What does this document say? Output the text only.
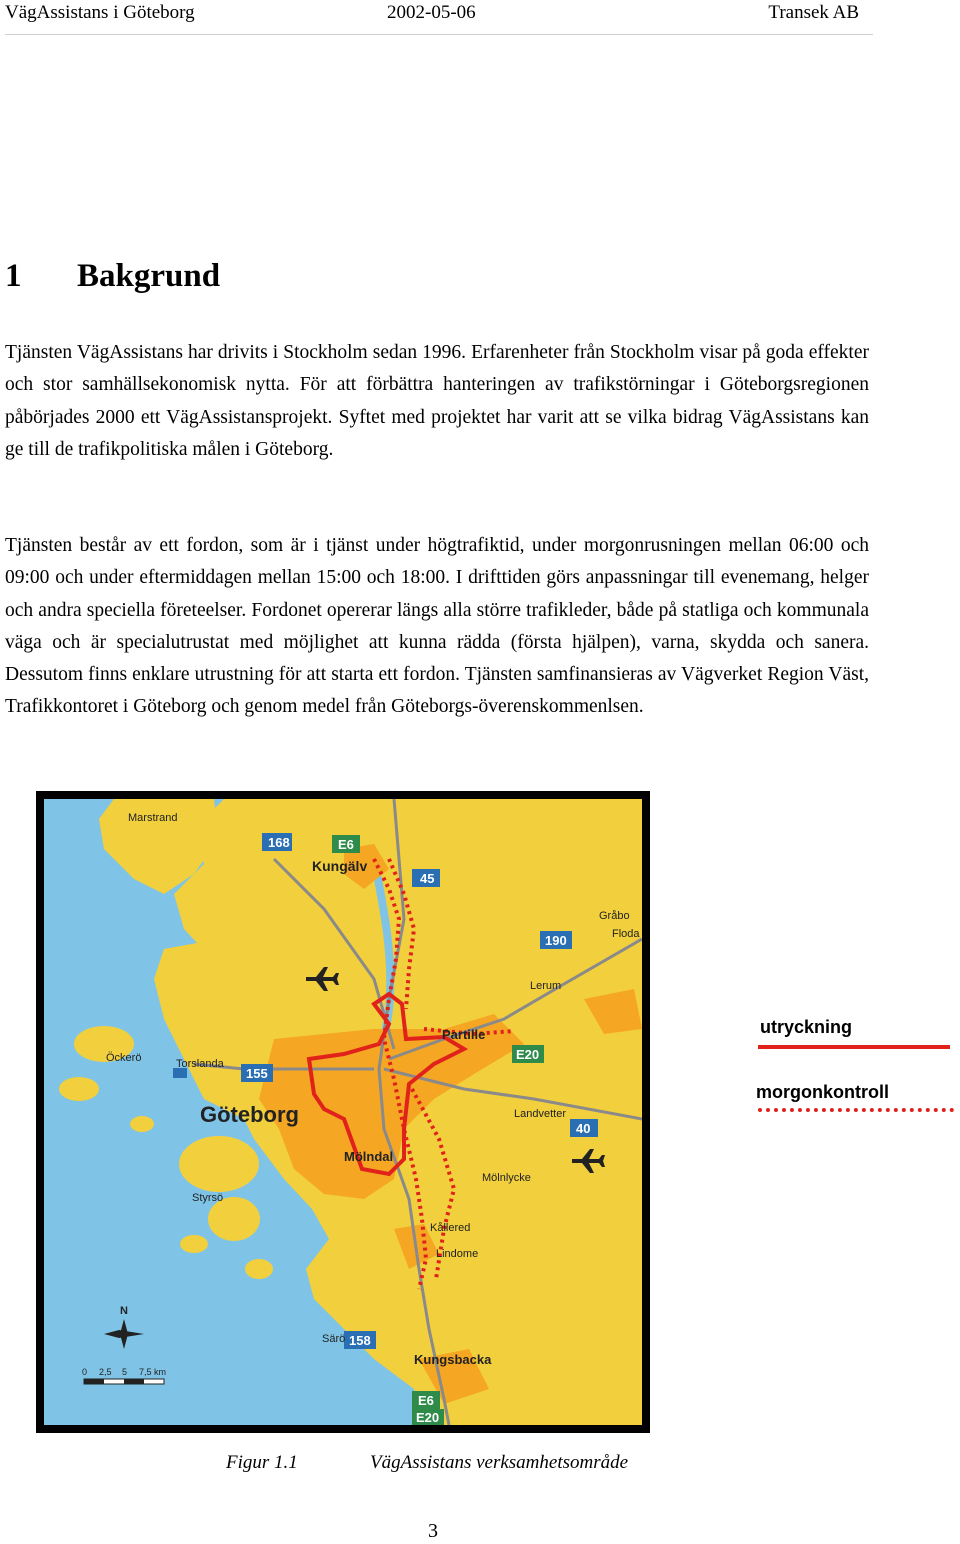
VägAssistans i Göteborg	2002-05-06	Transek AB
1 Bakgrund

Tjänsten VägAssistans har drivits i Stockholm sedan 1996. Erfarenheter från Stockholm visar på goda effekter och stor samhällsekonomisk nytta. För att förbättra hanteringen av trafikstörningar i Göteborgsregionen påbörjades 2000 ett VägAssistansprojekt. Syftet med projektet har varit att se vilka bidrag VägAssistans kan ge till de trafikpolitiska målen i Göteborg.

Tjänsten består av ett fordon, som är i tjänst under högtrafiktid, under morgonrusningen mellan 06:00 och 09:00 och under eftermiddagen mellan 15:00 och 18:00. I drifttiden görs anpassningar till evenemang, helger och andra speciella företeelser. Fordonet opererar längs alla större trafikleder, både på statliga och kommunala väga och är specialutrustat med möjlighet att kunna rädda (första hjälpen), varna, skydda och sanera. Dessutom finns enklare utrustning för att starta ett fordon. Tjänsten samfinansieras av Vägverket Region Väst, Trafikkontoret i Göteborg och genom medel från Göteborgs-överenskommenlsen.

168	E6
45
190
E20
155
40
158
E6
E20
Marstrand
Kungälv
Gråbo
Floda
Lerum
Partille
Öckerö	Torslanda
Göteborg	Landvetter
Mölnlycke
Mölndal
Styrsö
Kållered
Lindome
Särö
Kungsbacka
N
0 2,5 5 7,5 km
utryckning
morgonkontroll
Figur 1.1	VägAssistans verksamhetsområde
3
